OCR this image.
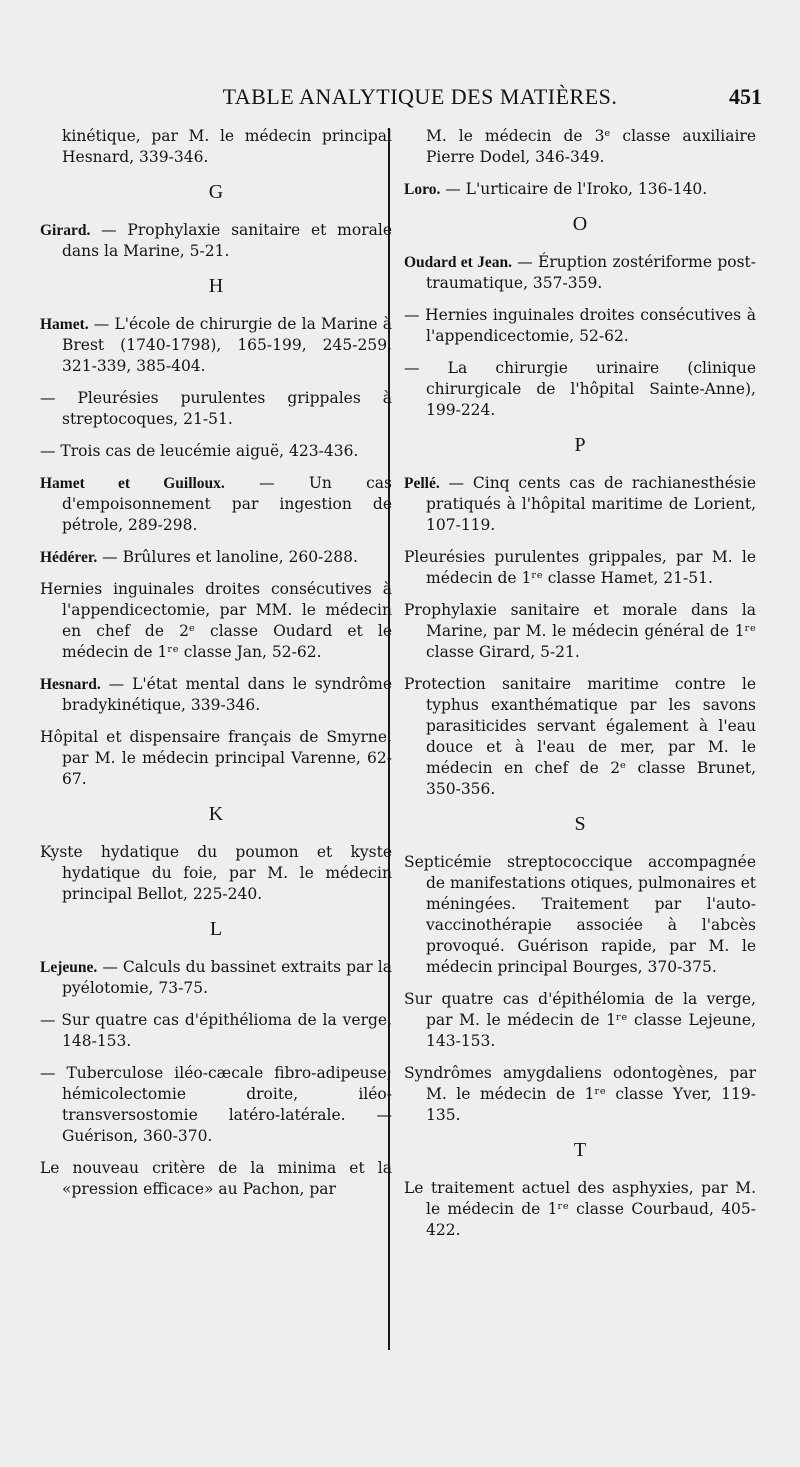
TABLE ANALYTIQUE DES MATIÈRES.	451

kinétique, par M. le médecin principal Hesnard, 339-346.

G

Girard. — Prophylaxie sanitaire et morale dans la Marine, 5-21.

H

Hamet. — L'école de chirurgie de la Marine à Brest (1740-1798), 165-199, 245-259, 321-339, 385-404.

— Pleurésies purulentes grippales à streptocoques, 21-51.

— Trois cas de leucémie aiguë, 423-436.

Hamet et Guilloux. — Un cas d'empoisonnement par ingestion de pétrole, 289-298.

Hédérer. — Brûlures et lanoline, 260-288.

Hernies inguinales droites consécutives à l'appendicectomie, par MM. le médecin en chef de 2ᵉ classe Oudard et le médecin de 1ʳᵉ classe Jan, 52-62.

Hesnard. — L'état mental dans le syndrôme bradykinétique, 339-346.

Hôpital et dispensaire français de Smyrne, par M. le médecin principal Varenne, 62-67.

K

Kyste hydatique du poumon et kyste hydatique du foie, par M. le médecin principal Bellot, 225-240.

L

Lejeune. — Calculs du bassinet extraits par la pyélotomie, 73-75.

— Sur quatre cas d'épithélioma de la verge, 148-153.

— Tuberculose iléo-cæcale fibro-adipeuse; hémicolectomie droite, iléo-transversostomie latéro-latérale. — Guérison, 360-370.

Le nouveau critère de la minima et la «pression efficace» au Pachon, par

M. le médecin de 3ᵉ classe auxiliaire Pierre Dodel, 346-349.

Loro. — L'urticaire de l'Iroko, 136-140.

O

Oudard et Jean. — Éruption zostériforme post-traumatique, 357-359.

— Hernies inguinales droites consécutives à l'appendicectomie, 52-62.

— La chirurgie urinaire (clinique chirurgicale de l'hôpital Sainte-Anne), 199-224.

P

Pellé. — Cinq cents cas de rachianesthésie pratiqués à l'hôpital maritime de Lorient, 107-119.

Pleurésies purulentes grippales, par M. le médecin de 1ʳᵉ classe Hamet, 21-51.

Prophylaxie sanitaire et morale dans la Marine, par M. le médecin général de 1ʳᵉ classe Girard, 5-21.

Protection sanitaire maritime contre le typhus exanthématique par les savons parasiticides servant également à l'eau douce et à l'eau de mer, par M. le médecin en chef de 2ᵉ classe Brunet, 350-356.

S

Septicémie streptococcique accompagnée de manifestations otiques, pulmonaires et méningées. Traitement par l'auto-vaccinothérapie associée à l'abcès provoqué. Guérison rapide, par M. le médecin principal Bourges, 370-375.

Sur quatre cas d'épithélomia de la verge, par M. le médecin de 1ʳᵉ classe Lejeune, 143-153.

Syndrômes amygdaliens odontogènes, par M. le médecin de 1ʳᵉ classe Yver, 119-135.

T

Le traitement actuel des asphyxies, par M. le médecin de 1ʳᵉ classe Courbaud, 405-422.
